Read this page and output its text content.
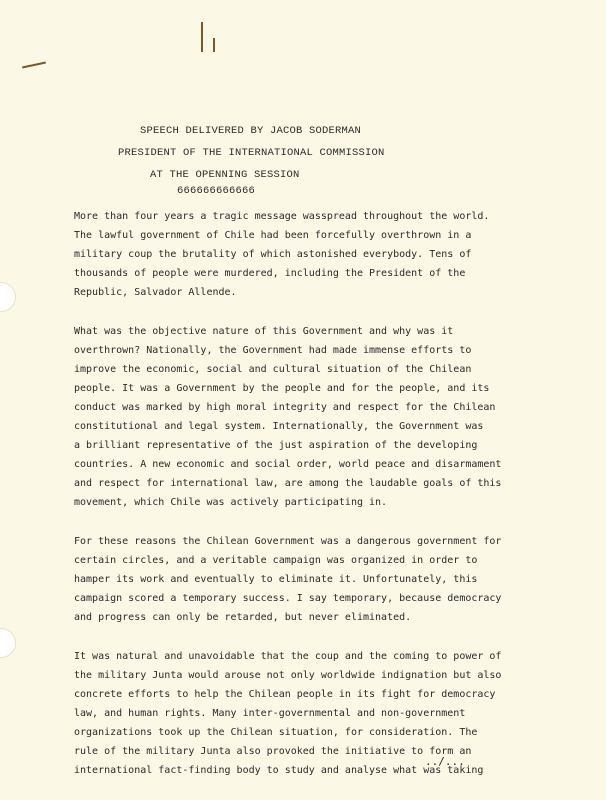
SPEECH DELIVERED BY JACOB SODERMAN
PRESIDENT OF THE INTERNATIONAL COMMISSION
AT THE OPENNING SESSION
666666666666
More than four years a tragic message wasspread throughout the world.
The lawful government of Chile had been forcefully overthrown in a
military coup the brutality of which astonished everybody. Tens of
thousands of people were murdered, including the President of the
Republic, Salvador Allende.
What was the objective nature of this Government and why was it
overthrown? Nationally, the Government had made immense efforts to
improve the economic, social and cultural situation of the Chilean
people. It was a Government by the people and for the people, and its
conduct was marked by high moral integrity and respect for the Chilean
constitutional and legal system. Internationally, the Government was
a brilliant representative of the just aspiration of the developing
countries. A new economic and social order, world peace and disarmament
and respect for international law, are among the laudable goals of this
movement, which Chile was actively participating in.
For these reasons the Chilean Government was a dangerous government for
certain circles, and a veritable campaign was organized in order to
hamper its work and eventually to eliminate it. Unfortunately, this
campaign scored a temporary success. I say temporary, because democracy
and progress can only be retarded, but never eliminated.
It was natural and unavoidable that the coup and the coming to power of
the military Junta would arouse not only worldwide indignation but also
concrete efforts to help the Chilean people in its fight for democracy
law, and human rights. Many inter-governmental and non-government
organizations took up the Chilean situation, for consideration. The
rule of the military Junta also provoked the initiative to form an
international fact-finding body to study and analyse what was taking
../...
